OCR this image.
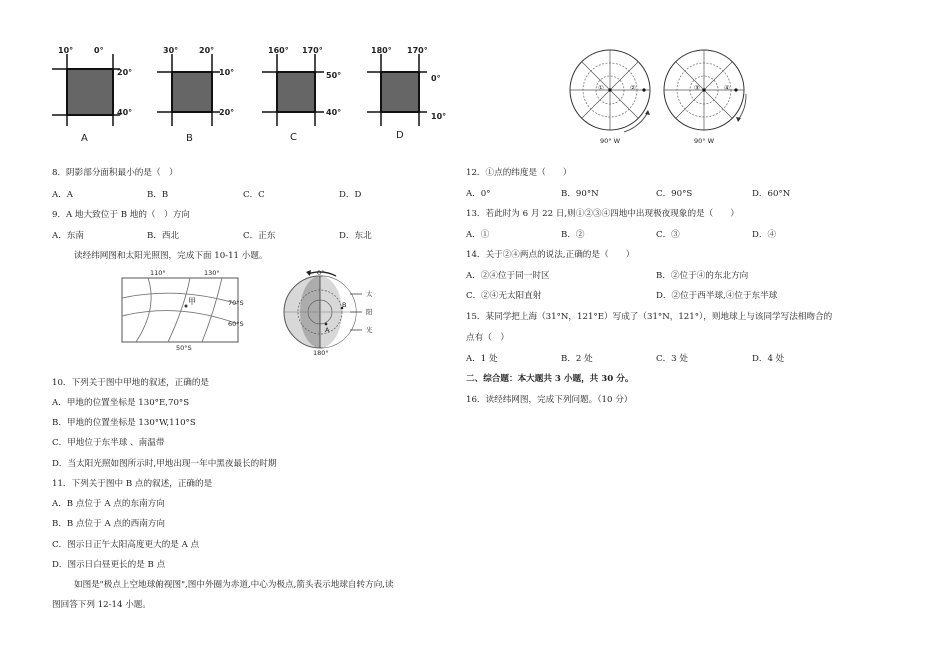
10°	0°
20°
40°
A
30°	20°
10°
20°
B
160° 170°
50°
40°
C
180° 170°
0°
10°
D
8．阴影部分面积最小的是（　）
A．A	B．B	C．C	D．D
9．A 地大致位于 B 地的（　）方向
A．东南	B．西北	C．正东	D．东北
读经纬网图和太阳光照图，完成下面 10-11 小题。
110°	130°
70°S
60°S
50°S
甲
0°
180°
A
B
太
阳
光
10．下列关于图中甲地的叙述，正确的是
A．甲地的位置坐标是 130°E,70°S
B．甲地的位置坐标是 130°W,110°S
C．甲地位于东半球 、南温带
D．当太阳光照如图所示时,甲地出现一年中黑夜最长的时期
11．下列关于图中 B 点的叙述，正确的是
A．B 点位于 A 点的东南方向
B．B 点位于 A 点的西南方向
C．图示日正午太阳高度更大的是 A 点
D．图示日白昼更长的是 B 点
如图是"极点上空地球俯视图",图中外圈为赤道,中心为极点,箭头表示地球自转方向,读
图回答下列 12-14 小题。
①	②
90° W
③	④
90° W
12．①点的纬度是（　　）
A．0°	B．90°N	C．90°S	D．60°N
13．若此时为 6 月 22 日,则①②③④四地中出现极夜现象的是（　　）
A．①	B．②	C．③	D．④
14．关于②④两点的说法,正确的是（　　）
A．②④位于同一时区	B．②位于④的东北方向
C．②④无太阳直射	D．②位于西半球,④位于东半球
15．某同学把上海（31°N，121°E）写成了（31°N，121°），则地球上与该同学写法相吻合的
点有（　）
A．1 处	B．2 处	C．3 处	D．4 处
二、综合题：本大题共 3 小题，共 30 分。
16．读经纬网图，完成下列问题。（10 分）
